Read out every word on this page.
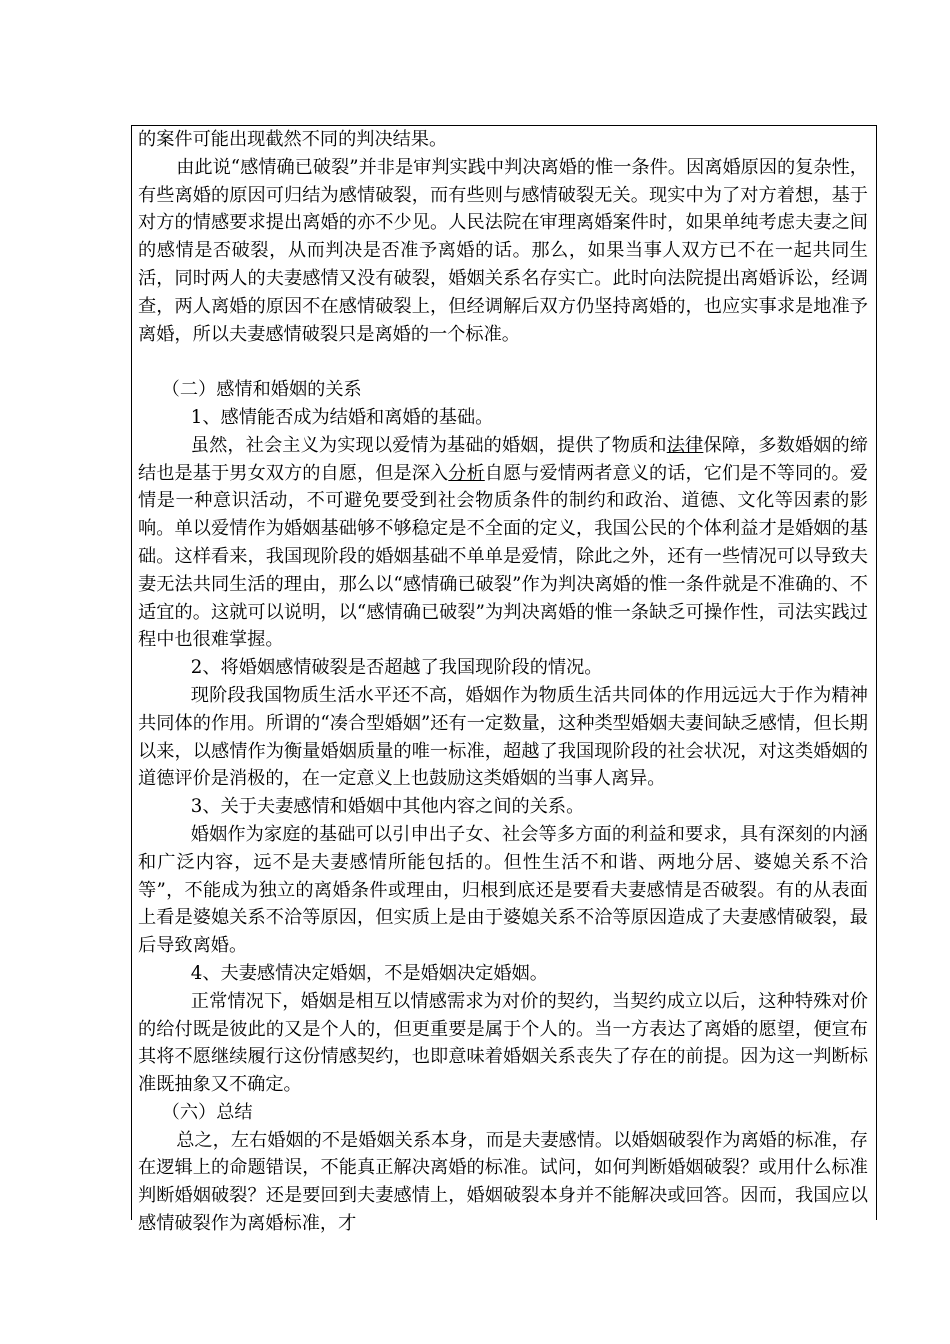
的案件可能出现截然不同的判决结果。

由此说“感情确已破裂”并非是审判实践中判决离婚的惟一条件。因离婚原因的复杂性，有些离婚的原因可归结为感情破裂，而有些则与感情破裂无关。现实中为了对方着想，基于对方的情感要求提出离婚的亦不少见。人民法院在审理离婚案件时，如果单纯考虑夫妻之间的感情是否破裂，从而判决是否准予离婚的话。那么，如果当事人双方已不在一起共同生活，同时两人的夫妻感情又没有破裂，婚姻关系名存实亡。此时向法院提出离婚诉讼，经调查，两人离婚的原因不在感情破裂上，但经调解后双方仍坚持离婚的，也应实事求是地准予离婚，所以夫妻感情破裂只是离婚的一个标准。

（二）感情和婚姻的关系

1、感情能否成为结婚和离婚的基础。

虽然，社会主义为实现以爱情为基础的婚姻，提供了物质和法律保障，多数婚姻的缔结也是基于男女双方的自愿，但是深入分析自愿与爱情两者意义的话，它们是不等同的。爱情是一种意识活动，不可避免要受到社会物质条件的制约和政治、道德、文化等因素的影响。单以爱情作为婚姻基础够不够稳定是不全面的定义，我国公民的个体利益才是婚姻的基础。这样看来，我国现阶段的婚姻基础不单单是爱情，除此之外，还有一些情况可以导致夫妻无法共同生活的理由，那么以“感情确已破裂”作为判决离婚的惟一条件就是不准确的、不适宜的。这就可以说明，以“感情确已破裂”为判决离婚的惟一条缺乏可操作性，司法实践过程中也很难掌握。

2、将婚姻感情破裂是否超越了我国现阶段的情况。

现阶段我国物质生活水平还不高，婚姻作为物质生活共同体的作用远远大于作为精神共同体的作用。所谓的“凑合型婚姻”还有一定数量，这种类型婚姻夫妻间缺乏感情，但长期以来，以感情作为衡量婚姻质量的唯一标准，超越了我国现阶段的社会状况，对这类婚姻的道德评价是消极的，在一定意义上也鼓励这类婚姻的当事人离异。

3、关于夫妻感情和婚姻中其他内容之间的关系。

婚姻作为家庭的基础可以引申出子女、社会等多方面的利益和要求，具有深刻的内涵和广泛内容，远不是夫妻感情所能包括的。但性生活不和谐、两地分居、婆媳关系不洽等”，不能成为独立的离婚条件或理由，归根到底还是要看夫妻感情是否破裂。有的从表面上看是婆媳关系不洽等原因，但实质上是由于婆媳关系不洽等原因造成了夫妻感情破裂，最后导致离婚。

4、夫妻感情决定婚姻，不是婚姻决定婚姻。

正常情况下，婚姻是相互以情感需求为对价的契约，当契约成立以后，这种特殊对价的给付既是彼此的又是个人的，但更重要是属于个人的。当一方表达了离婚的愿望，便宣布其将不愿继续履行这份情感契约，也即意味着婚姻关系丧失了存在的前提。因为这一判断标准既抽象又不确定。

（六）总结

总之，左右婚姻的不是婚姻关系本身，而是夫妻感情。以婚姻破裂作为离婚的标准，存在逻辑上的命题错误，不能真正解决离婚的标准。试问，如何判断婚姻破裂？或用什么标准判断婚姻破裂？还是要回到夫妻感情上，婚姻破裂本身并不能解决或回答。因而，我国应以感情破裂作为离婚标准，才
